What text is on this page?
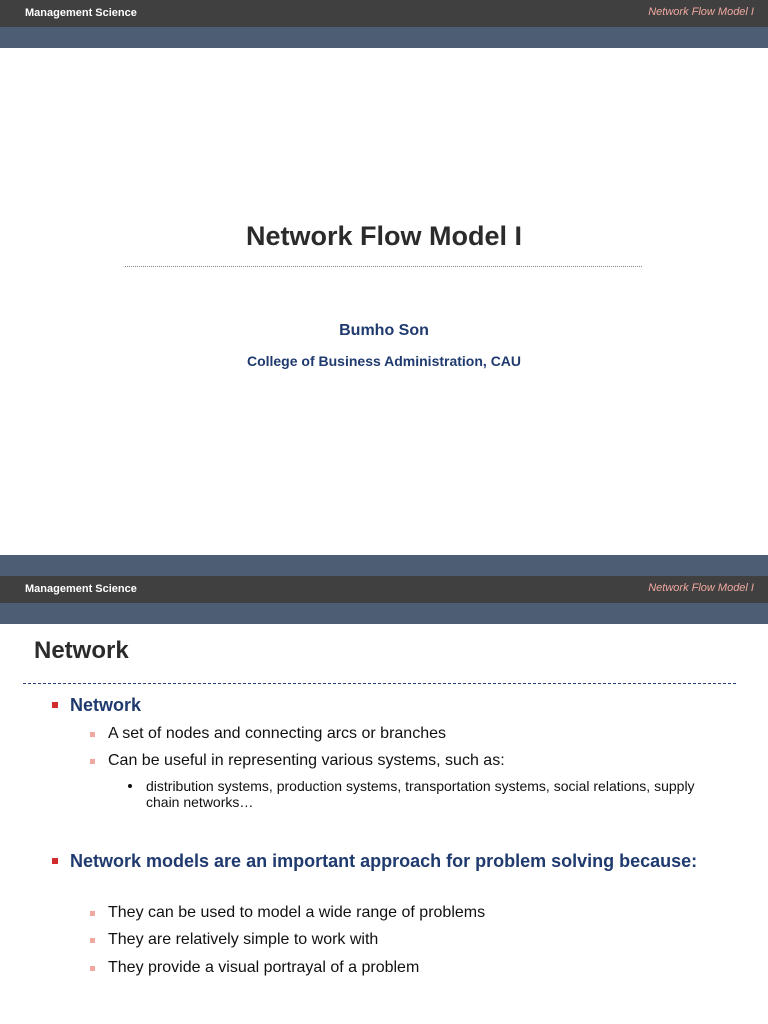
Management Science	Network Flow Model I
Network Flow Model I
Bumho Son
College of Business Administration, CAU
Management Science	Network Flow Model I
Network
Network
A set of nodes and connecting arcs or branches
Can be useful in representing various systems, such as:
distribution systems, production systems, transportation systems, social relations, supply chain networks…
Network models are an important approach for problem solving because:
They can be used to model a wide range of problems
They are relatively simple to work with
They provide a visual portrayal of a problem
